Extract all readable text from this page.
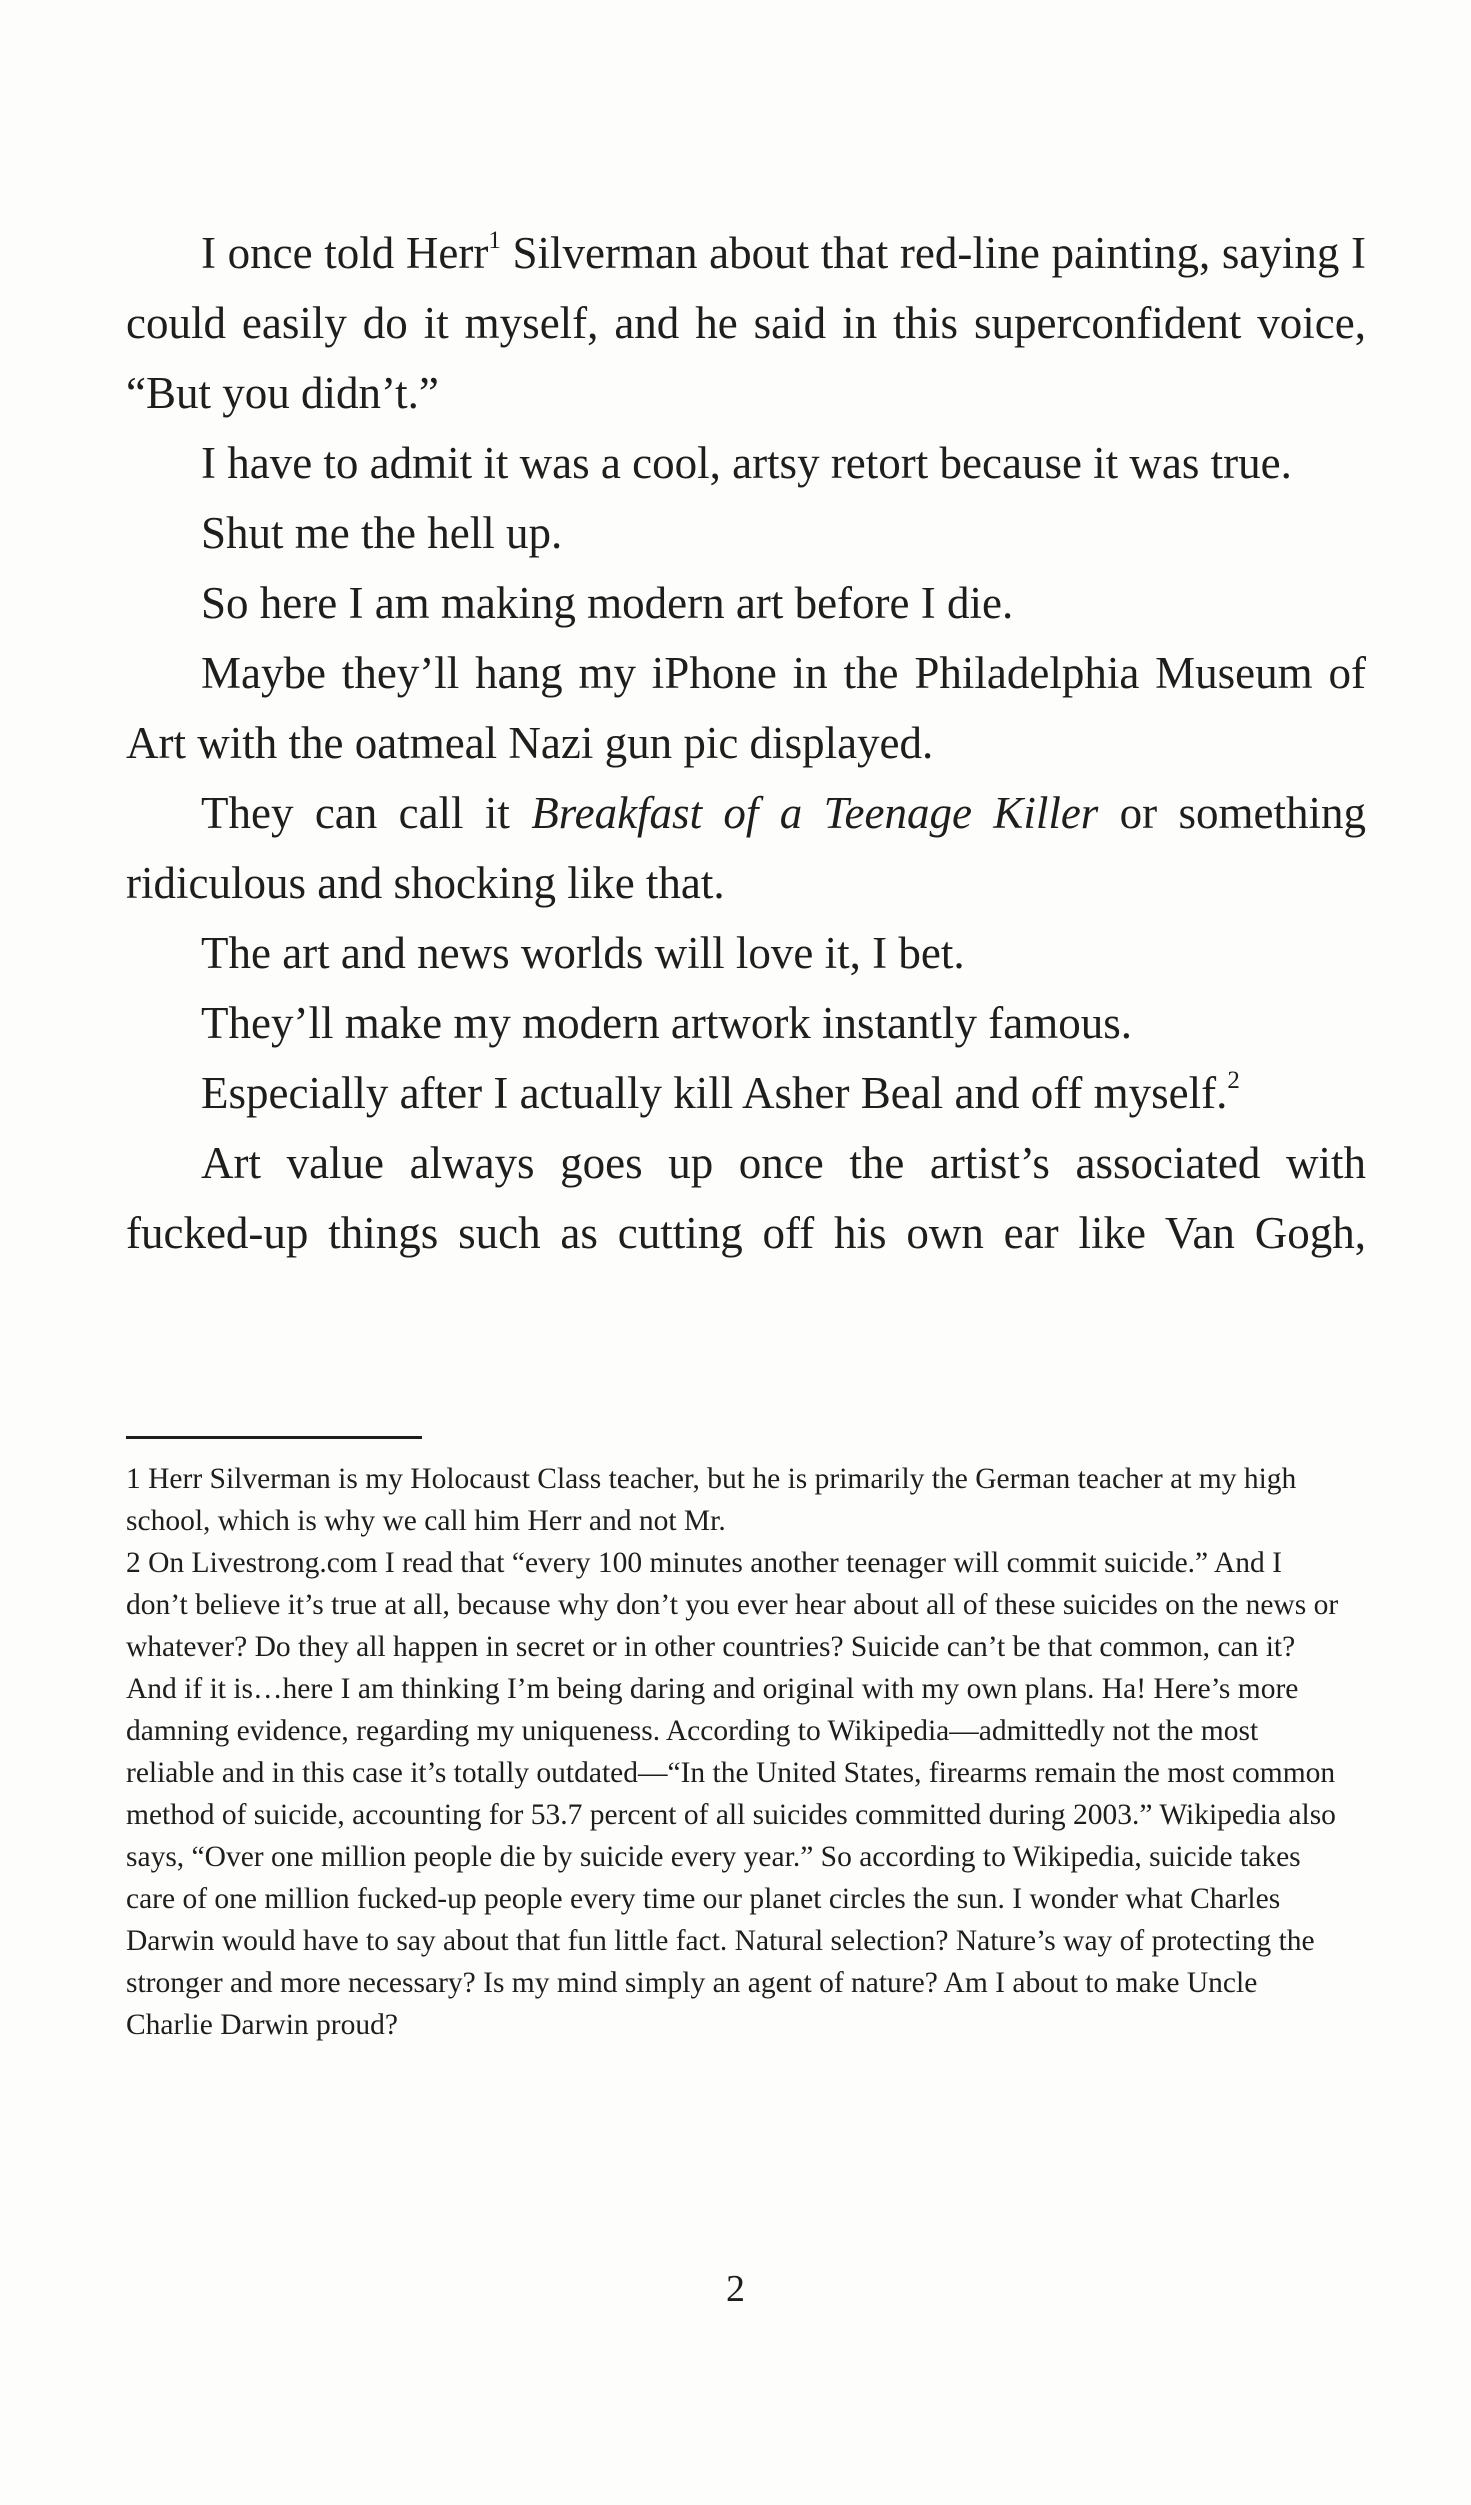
I once told Herr$^1$ Silverman about that red-line painting, saying I could easily do it myself, and he said in this superconfident voice, “But you didn’t.”

I have to admit it was a cool, artsy retort because it was true.

Shut me the hell up.

So here I am making modern art before I die.

Maybe they’ll hang my iPhone in the Philadelphia Museum of Art with the oatmeal Nazi gun pic displayed.

They can call it Breakfast of a Teenage Killer or something ridiculous and shocking like that.

The art and news worlds will love it, I bet.

They’ll make my modern artwork instantly famous.

Especially after I actually kill Asher Beal and off myself.$^2$

Art value always goes up once the artist’s associated with fucked-up things such as cutting off his own ear like Van Gogh,

1 Herr Silverman is my Holocaust Class teacher, but he is primarily the German teacher at my high school, which is why we call him Herr and not Mr.

2 On Livestrong.com I read that “every 100 minutes another teenager will commit suicide.” And I don’t believe it’s true at all, because why don’t you ever hear about all of these suicides on the news or whatever? Do they all happen in secret or in other countries? Suicide can’t be that common, can it? And if it is…here I am thinking I’m being daring and original with my own plans. Ha! Here’s more damning evidence, regarding my uniqueness. According to Wikipedia—admittedly not the most reliable and in this case it’s totally outdated—“In the United States, firearms remain the most common method of suicide, accounting for 53.7 percent of all suicides committed during 2003.” Wikipedia also says, “Over one million people die by suicide every year.” So according to Wikipedia, suicide takes care of one million fucked-up people every time our planet circles the sun. I wonder what Charles Darwin would have to say about that fun little fact. Natural selection? Nature’s way of protecting the stronger and more necessary? Is my mind simply an agent of nature? Am I about to make Uncle Charlie Darwin proud?

2
